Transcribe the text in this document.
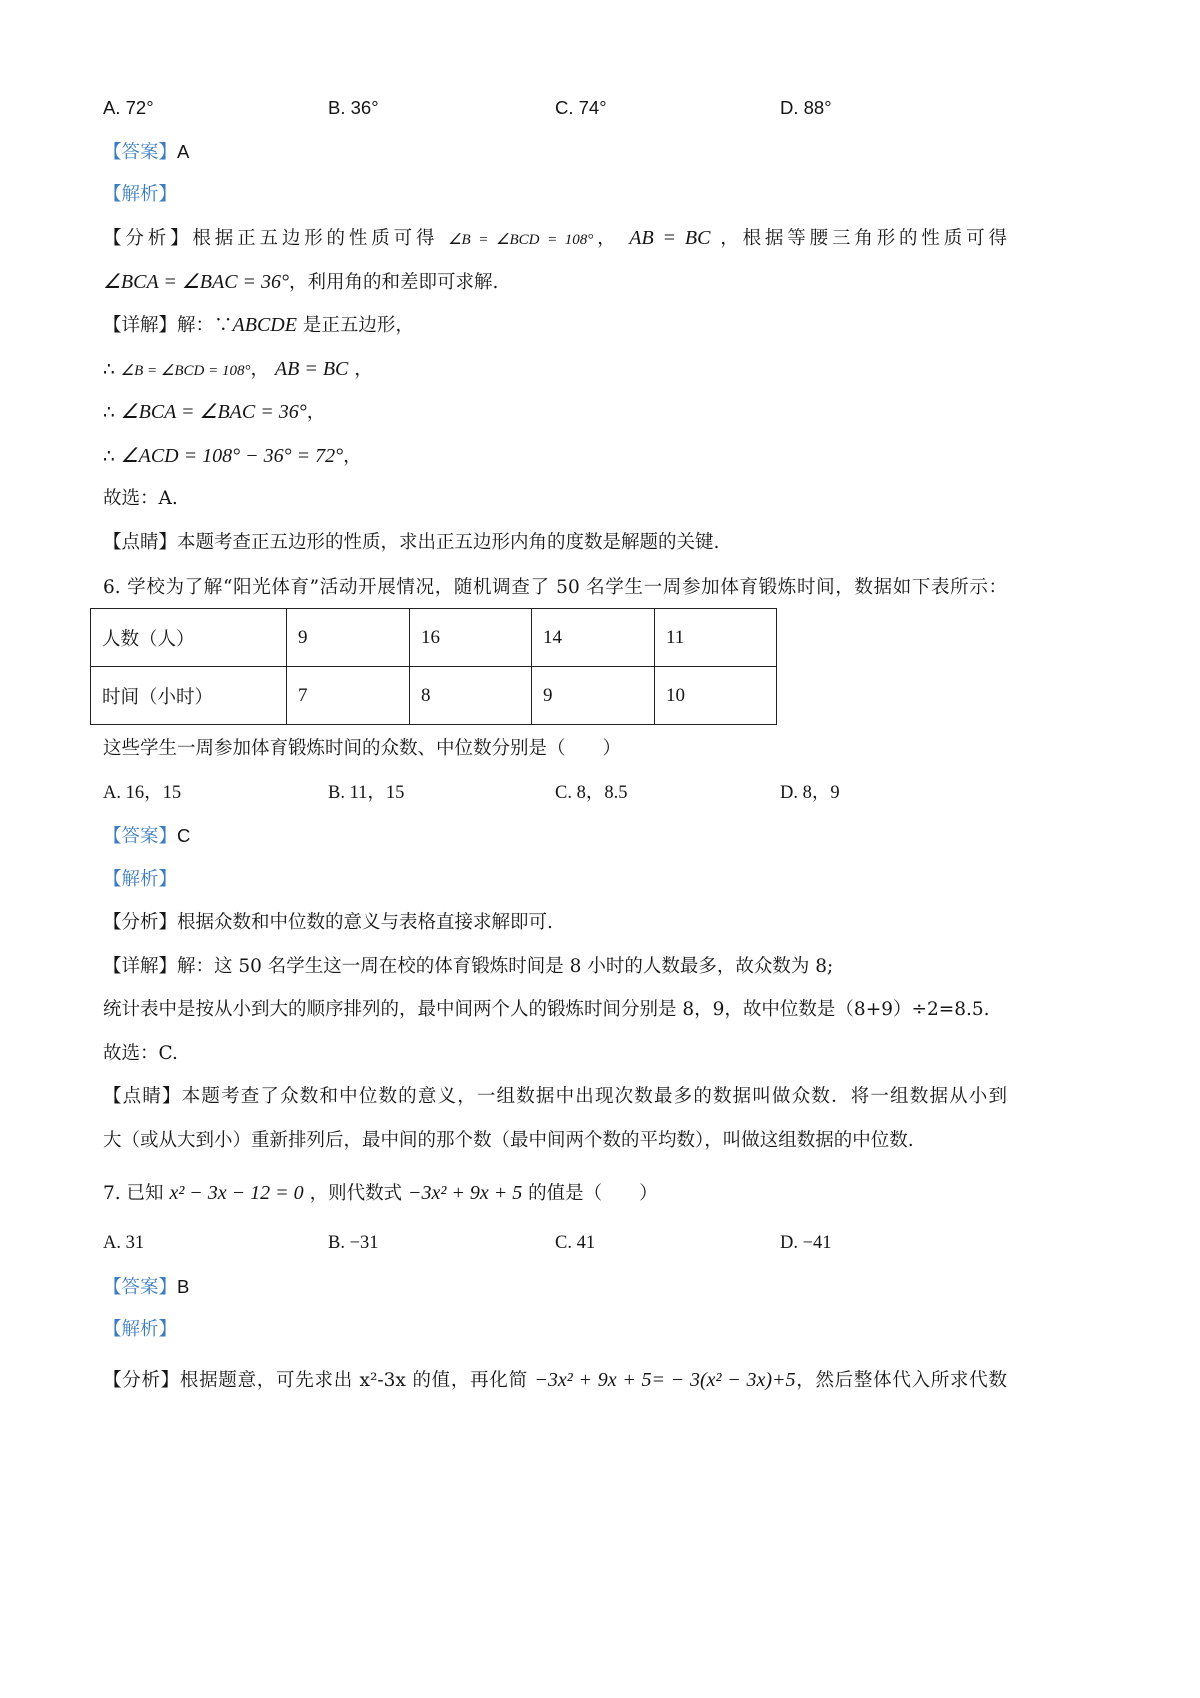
A. 72°	B. 36°	C. 74°	D. 88°
【答案】A
【解析】
【分析】根据正五边形的性质可得 ∠B = ∠BCD = 108°， AB = BC ，根据等腰三角形的性质可得
∠BCA = ∠BAC = 36°，利用角的和差即可求解.
【详解】解：∵ABCDE 是正五边形，
∴ ∠B = ∠BCD = 108°， AB = BC ，
∴ ∠BCA = ∠BAC = 36°，
∴ ∠ACD = 108° − 36° = 72°，
故选：A.
【点睛】本题考查正五边形的性质，求出正五边形内角的度数是解题的关键.
6. 学校为了解“阳光体育”活动开展情况，随机调查了 50 名学生一周参加体育锻炼时间，数据如下表所示：
人数（人）	9	16	14	11
时间（小时）	7	8	9	10
这些学生一周参加体育锻炼时间的众数、中位数分别是（　　）
A. 16，15	B. 11，15	C. 8，8.5	D. 8，9
【答案】C
【解析】
【分析】根据众数和中位数的意义与表格直接求解即可.
【详解】解：这 50 名学生这一周在校的体育锻炼时间是 8 小时的人数最多，故众数为 8;
统计表中是按从小到大的顺序排列的，最中间两个人的锻炼时间分别是 8，9，故中位数是（8+9）÷2=8.5.
故选：C.
【点睛】本题考查了众数和中位数的意义，一组数据中出现次数最多的数据叫做众数．将一组数据从小到
大（或从大到小）重新排列后，最中间的那个数（最中间两个数的平均数），叫做这组数据的中位数.
7. 已知 x² − 3x − 12 = 0 ，则代数式 −3x² + 9x + 5 的值是（　　）
A. 31	B. −31	C. 41	D. −41
【答案】B
【解析】
【分析】根据题意，可先求出 x²-3x 的值，再化简 −3x² + 9x + 5= − 3(x² − 3x)+5，然后整体代入所求代数
